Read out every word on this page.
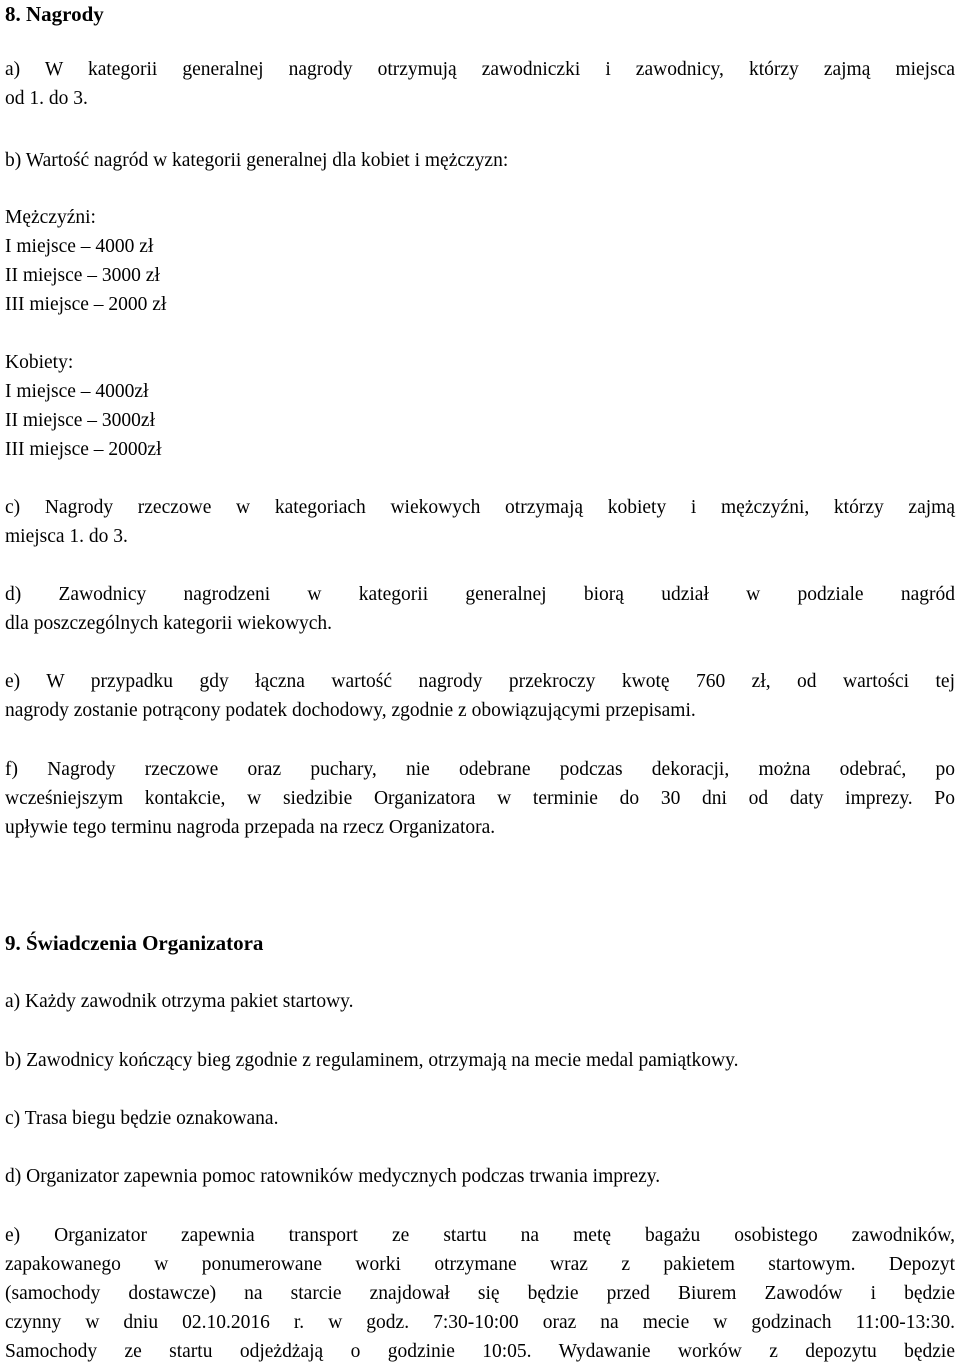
8. Nagrody

a) W kategorii generalnej nagrody otrzymują zawodniczki i zawodnicy, którzy zajmą miejsca
od 1. do 3.

b) Wartość nagród w kategorii generalnej dla kobiet i mężczyzn:

Mężczyźni:
I miejsce – 4000 zł
II miejsce – 3000 zł
III miejsce – 2000 zł
Kobiety:
I miejsce – 4000zł
II miejsce – 3000zł
III miejsce – 2000zł

c) Nagrody rzeczowe w kategoriach wiekowych otrzymają kobiety i mężczyźni, którzy zajmą
miejsca 1. do 3.

d) Zawodnicy nagrodzeni w kategorii generalnej biorą udział w podziale nagród
dla poszczególnych kategorii wiekowych.

e) W przypadku gdy łączna wartość nagrody przekroczy kwotę 760 zł, od wartości tej
nagrody zostanie potrącony podatek dochodowy, zgodnie z obowiązującymi przepisami.

f) Nagrody rzeczowe oraz puchary, nie odebrane podczas dekoracji, można odebrać, po
wcześniejszym kontakcie, w siedzibie Organizatora w terminie do 30 dni od daty imprezy. Po
upływie tego terminu nagroda przepada na rzecz Organizatora.

9. Świadczenia Organizatora

a) Każdy zawodnik otrzyma pakiet startowy.

b) Zawodnicy kończący bieg zgodnie z regulaminem, otrzymają na mecie medal pamiątkowy.

c) Trasa biegu będzie oznakowana.

d) Organizator zapewnia pomoc ratowników medycznych podczas trwania imprezy.

e) Organizator zapewnia transport ze startu na metę bagażu osobistego zawodników,
zapakowanego w ponumerowane worki otrzymane wraz z pakietem startowym. Depozyt
(samochody dostawcze) na starcie znajdował się będzie przed Biurem Zawodów i będzie
czynny w dniu 02.10.2016 r. w godz. 7:30-10:00 oraz na mecie w godzinach 11:00-13:30.
Samochody ze startu odjeżdżają o godzinie 10:05. Wydawanie worków z depozytu będzie
